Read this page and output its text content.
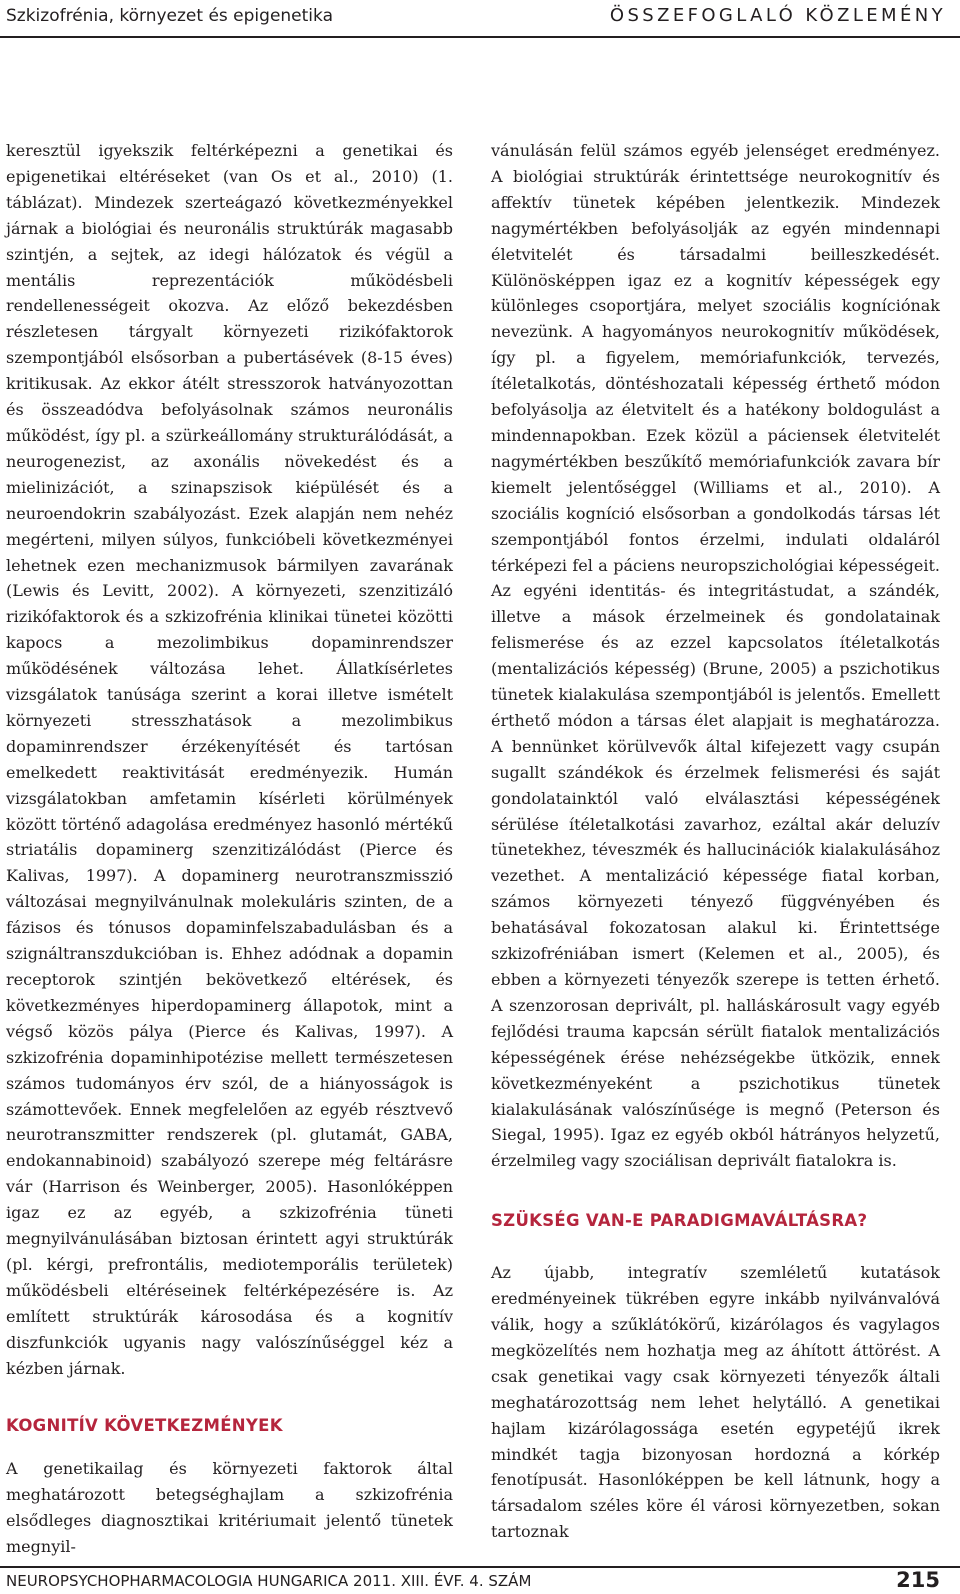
Szkizofrénia, környezet és epigenetika	ÖSSZEFOGLALÓ KÖZLEMÉNY

keresztül igyekszik feltérképezni a genetikai és epigenetikai eltéréseket (van Os et al., 2010) (1. táblázat). Mindezek szerteágazó következményekkel járnak a biológiai és neuronális struktúrák magasabb szintjén, a sejtek, az idegi hálózatok és végül a mentális reprezentációk működésbeli rendellenességeit okozva. Az előző bekezdésben részletesen tárgyalt környezeti rizikófaktorok szempontjából elsősorban a pubertásévek (8-15 éves) kritikusak. Az ekkor átélt stresszorok hatványozottan és összeadódva befolyásolnak számos neuronális működést, így pl. a szürkeállomány strukturálódását, a neurogenezist, az axonális növekedést és a mielinizációt, a szinapszisok kiépülését és a neuroendokrin szabályozást. Ezek alapján nem nehéz megérteni, milyen súlyos, funkcióbeli következményei lehetnek ezen mechanizmusok bármilyen zavarának (Lewis és Levitt, 2002). A környezeti, szenzitizáló rizikófaktorok és a szkizofrénia klinikai tünetei közötti kapocs a mezolimbikus dopaminrendszer működésének változása lehet. Állatkísérletes vizsgálatok tanúsága szerint a korai illetve ismételt környezeti stresszhatások a mezolimbikus dopaminrendszer érzékenyítését és tartósan emelkedett reaktivitását eredményezik. Humán vizsgálatokban amfetamin kísérleti körülmények között történő adagolása eredményez hasonló mértékű striatális dopaminerg szenzitizálódást (Pierce és Kalivas, 1997). A dopaminerg neurotranszmisszió változásai megnyilvánulnak molekuláris szinten, de a fázisos és tónusos dopaminfelszabadulásban és a szignáltranszdukcióban is. Ehhez adódnak a dopamin receptorok szintjén bekövetkező eltérések, és következményes hiperdopaminerg állapotok, mint a végső közös pálya (Pierce és Kalivas, 1997). A szkizofrénia dopaminhipotézise mellett természetesen számos tudományos érv szól, de a hiányosságok is számottevőek. Ennek megfelelően az egyéb résztvevő neurotranszmitter rendszerek (pl. glutamát, GABA, endokannabinoid) szabályozó szerepe még feltárásre vár (Harrison és Weinberger, 2005). Hasonlóképpen igaz ez az egyéb, a szkizofrénia tüneti megnyilvánulásában biztosan érintett agyi struktúrák (pl. kérgi, prefrontális, mediotemporális területek) működésbeli eltéréseinek feltérképezésére is. Az említett struktúrák károsodása és a kognitív diszfunkciók ugyanis nagy valószínűséggel kéz a kézben járnak.

KOGNITÍV KÖVETKEZMÉNYEK

A genetikailag és környezeti faktorok által meghatározott betegséghajlam a szkizofrénia elsődleges diagnosztikai kritériumait jelentő tünetek megnyil-

vánulásán felül számos egyéb jelenséget eredményez. A biológiai struktúrák érintettsége neurokognitív és affektív tünetek képében jelentkezik. Mindezek nagymértékben befolyásolják az egyén mindennapi életvitelét és társadalmi beilleszkedését. Különösképpen igaz ez a kognitív képességek egy különleges csoportjára, melyet szociális kogníciónak nevezünk. A hagyományos neurokognitív működések, így pl. a figyelem, memóriafunkciók, tervezés, ítéletalkotás, döntéshozatali képesség érthető módon befolyásolja az életvitelt és a hatékony boldogulást a mindennapokban. Ezek közül a páciensek életvitelét nagymértékben beszűkítő memóriafunkciók zavara bír kiemelt jelentőséggel (Williams et al., 2010). A szociális kogníció elsősorban a gondolkodás társas lét szempontjából fontos érzelmi, indulati oldaláról térképezi fel a páciens neuropszichológiai képességeit. Az egyéni identitás- és integritástudat, a szándék, illetve a mások érzelmeinek és gondolatainak felismerése és az ezzel kapcsolatos ítéletalkotás (mentalizációs képesség) (Brune, 2005) a pszichotikus tünetek kialakulása szempontjából is jelentős. Emellett érthető módon a társas élet alapjait is meghatározza. A bennünket körülvevők által kifejezett vagy csupán sugallt szándékok és érzelmek felismerési és saját gondolatainktól való elválasztási képességének sérülése ítéletalkotási zavarhoz, ezáltal akár deluzív tünetekhez, téveszmék és hallucinációk kialakulásához vezethet. A mentalizáció képessége fiatal korban, számos környezeti tényező függvényében és behatásával fokozatosan alakul ki. Érintettsége szkizofréniában ismert (Kelemen et al., 2005), és ebben a környezeti tényezők szerepe is tetten érhető. A szenzorosan deprivált, pl. halláskárosult vagy egyéb fejlődési trauma kapcsán sérült fiatalok mentalizációs képességének érése nehézségekbe ütközik, ennek következményeként a pszichotikus tünetek kialakulásának valószínűsége is megnő (Peterson és Siegal, 1995). Igaz ez egyéb okból hátrányos helyzetű, érzelmileg vagy szociálisan deprivált fiatalokra is.

SZÜKSÉG VAN-E PARADIGMAVÁLTÁSRA?

Az újabb, integratív szemléletű kutatások eredményeinek tükrében egyre inkább nyilvánvalóvá válik, hogy a szűklátókörű, kizárólagos és vagylagos megközelítés nem hozhatja meg az áhított áttörést. A csak genetikai vagy csak környezeti tényezők általi meghatározottság nem lehet helytálló. A genetikai hajlam kizárólagossága esetén egypetéjű ikrek mindkét tagja bizonyosan hordozná a kórkép fenotípusát. Hasonlóképpen be kell látnunk, hogy a társadalom széles köre él városi környezetben, sokan tartoznak

NEUROPSYCHOPHARMACOLOGIA HUNGARICA 2011. XIII. ÉVF. 4. SZÁM	215
